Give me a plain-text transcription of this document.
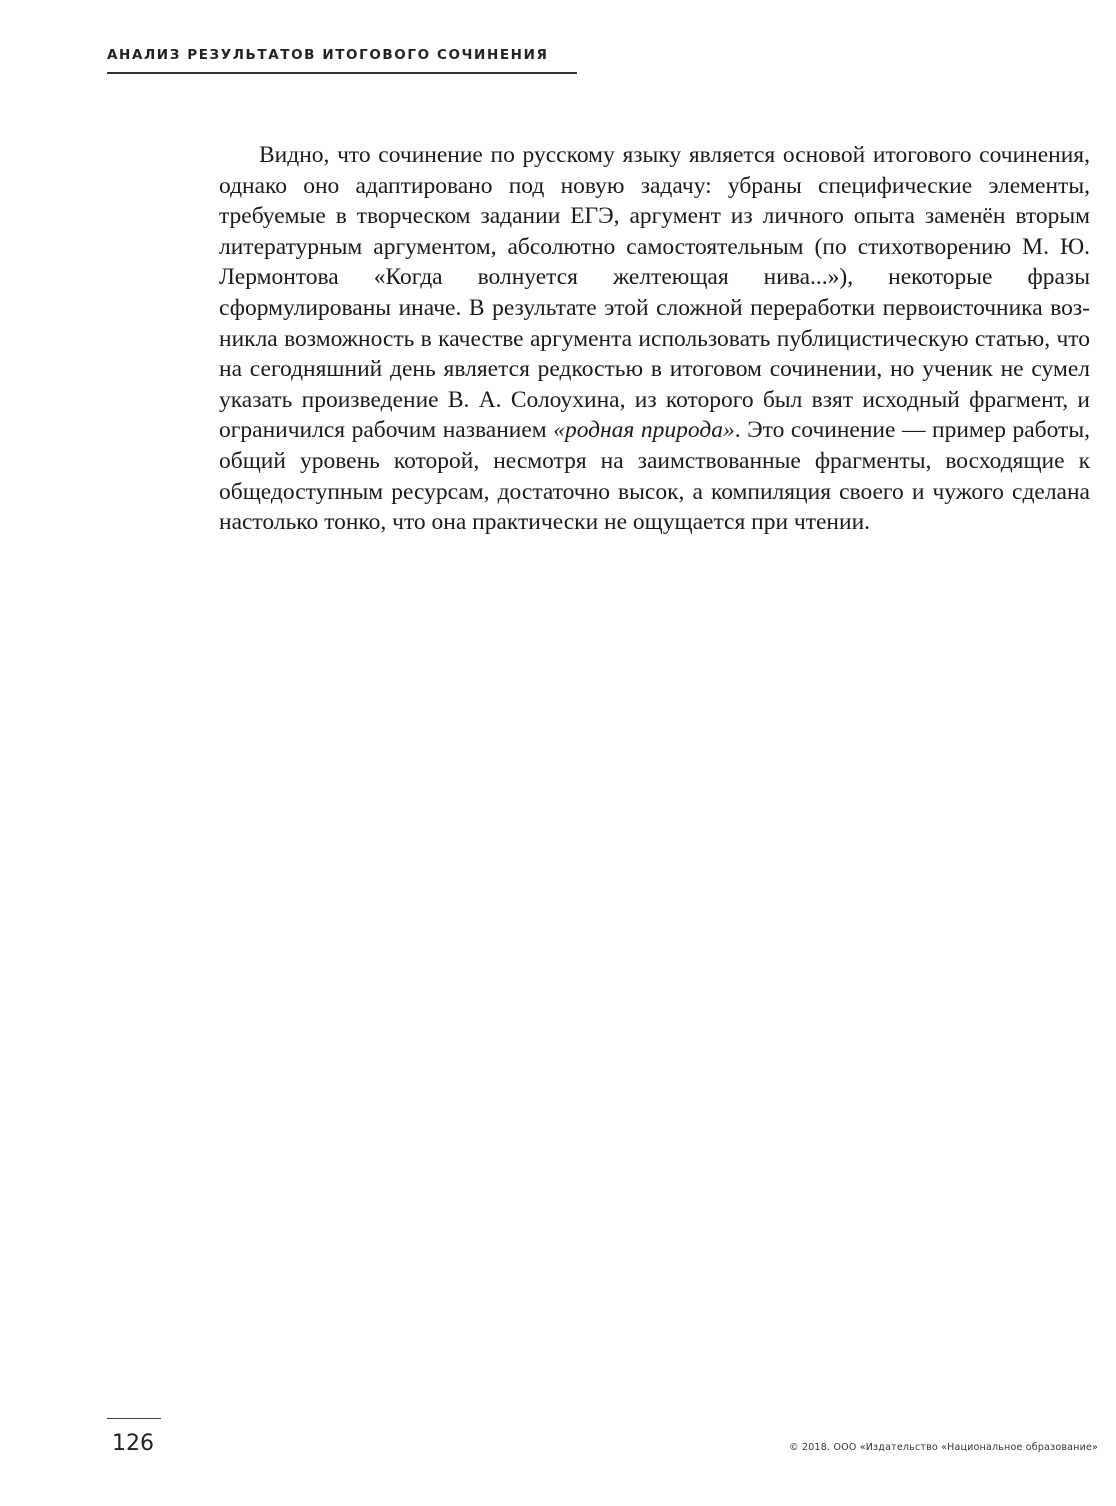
АНАЛИЗ РЕЗУЛЬТАТОВ ИТОГОВОГО СОЧИНЕНИЯ

Видно, что сочинение по русскому языку является основой итогового сочинения, однако оно адаптировано под новую задачу: убраны специфические элементы, требуемые в творческом задании ЕГЭ, аргумент из личного опыта заменён вторым литературным аргументом, абсолютно самостоятельным (по стихотворению М. Ю. Лермонтова «Когда волнуется желтеющая нива...»), некоторые фразы сформулированы иначе. В результате этой сложной переработки первоисточника возникла возможность в качестве аргумента использовать публицистическую статью, что на сегодняшний день является редкостью в итоговом сочинении, но ученик не сумел указать произведение В. А. Солоухина, из которого был взят исходный фрагмент, и ограничился рабочим названием «родная природа». Это сочинение — пример работы, общий уровень которой, несмотря на заимствованные фрагменты, восходящие к общедоступным ресурсам, достаточно высок, а компиляция своего и чужого сделана настолько тонко, что она практически не ощущается при чтении.

126	© 2018. ООО «Издательство «Национальное образование»
